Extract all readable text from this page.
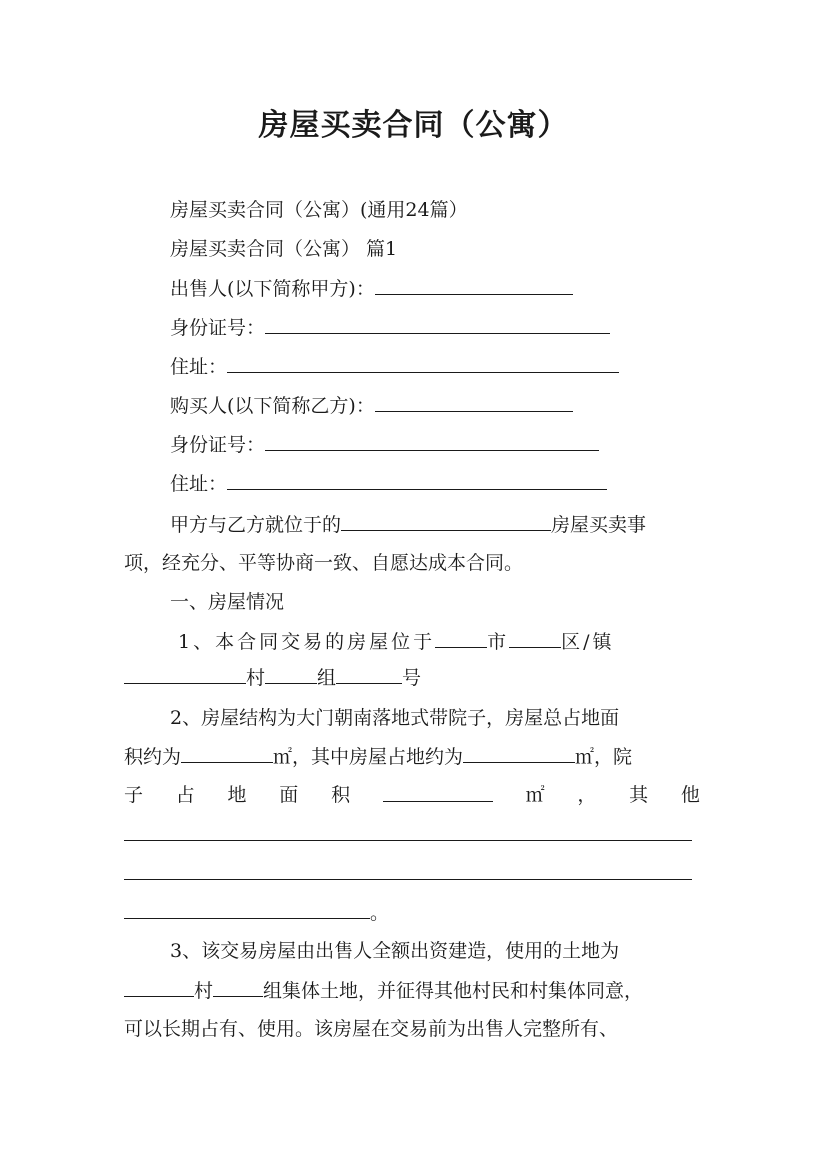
房屋买卖合同（公寓）
房屋买卖合同（公寓）(通用24篇）
房屋买卖合同（公寓） 篇1
出售人(以下简称甲方)：
身份证号：
住址：
购买人(以下简称乙方)：
身份证号：
住址：
甲方与乙方就位于的	房屋买卖事
项，经充分、平等协商一致、自愿达成本合同。
一、房屋情况
1、本合同交易的房屋位于	市	区/镇
村	组	号
2、房屋结构为大门朝南落地式带院子，房屋总占地面
积约为	㎡，其中房屋占地约为	㎡，院
子 占 地 面 积	㎡ ， 其 他
。
3、该交易房屋由出售人全额出资建造，使用的土地为
村	组集体土地，并征得其他村民和村集体同意，
可以长期占有、使用。该房屋在交易前为出售人完整所有、
